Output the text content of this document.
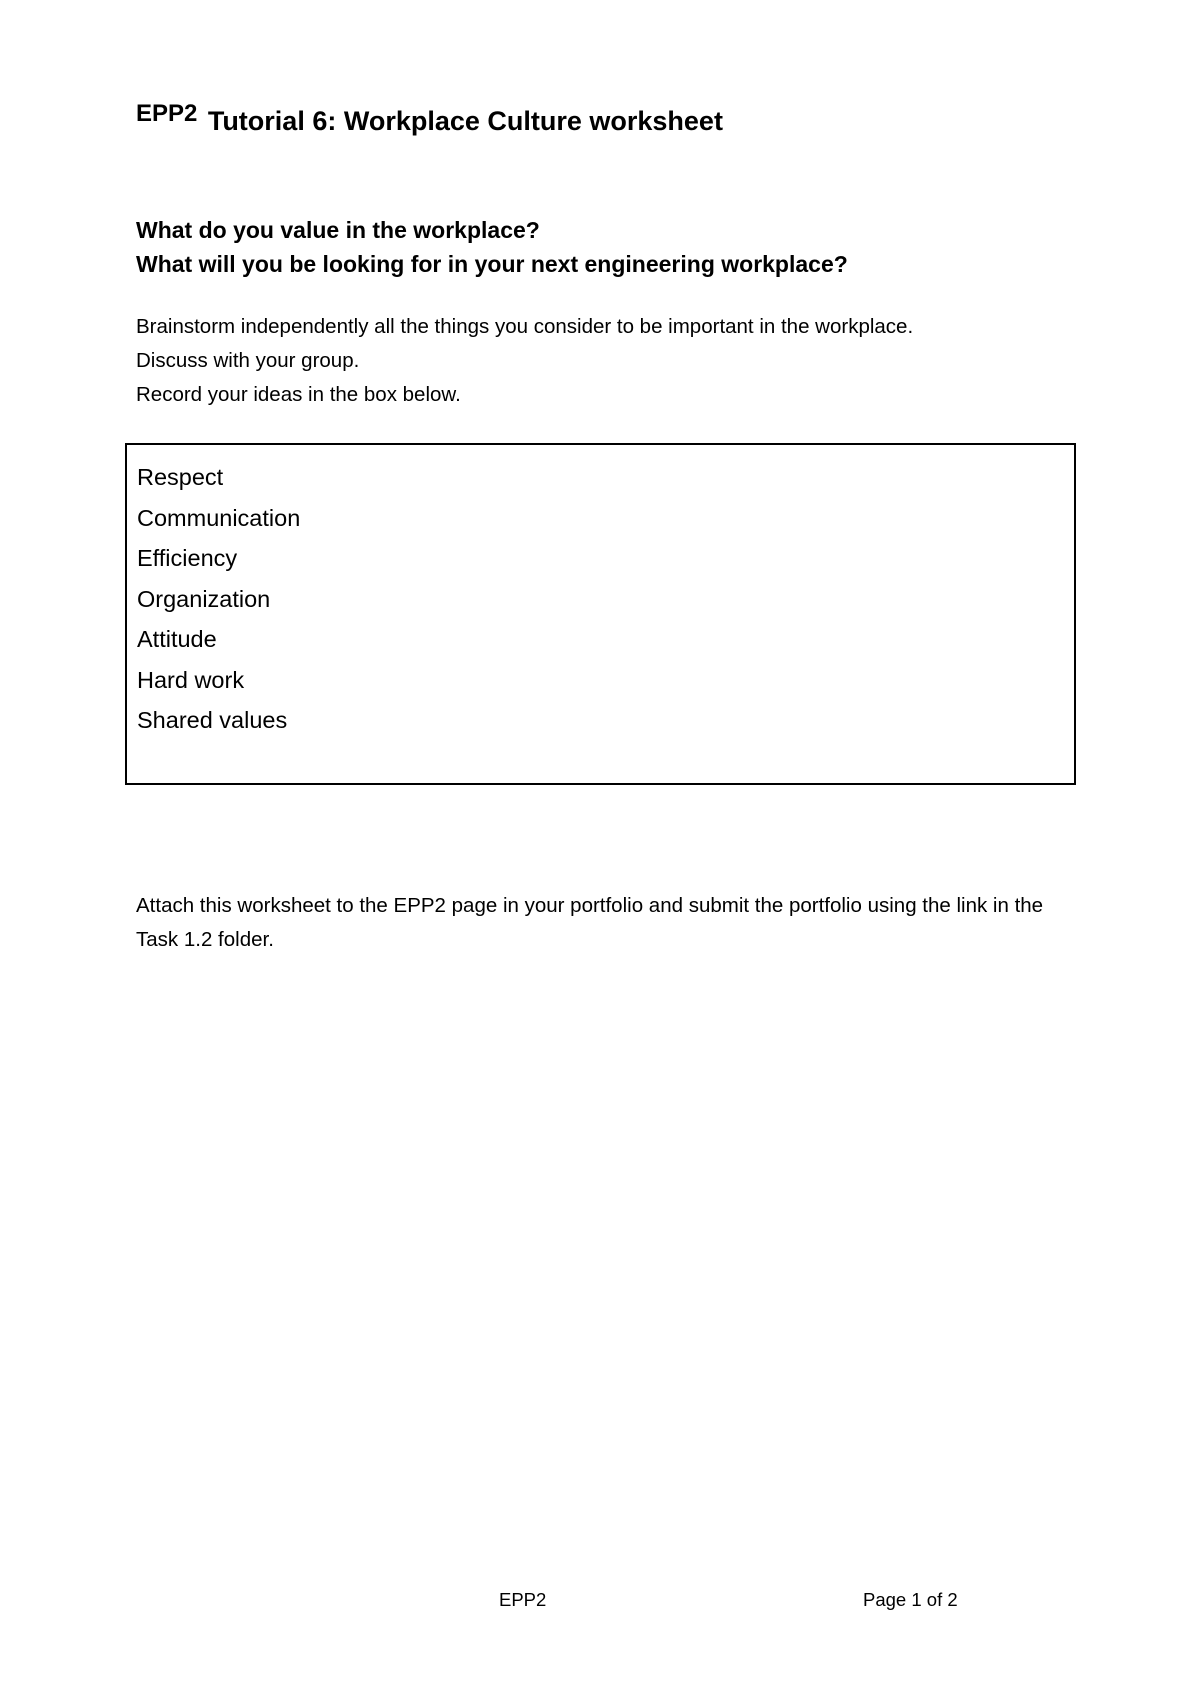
EPP2 Tutorial 6: Workplace Culture worksheet
What do you value in the workplace?
What will you be looking for in your next engineering workplace?
Brainstorm independently all the things you consider to be important in the workplace.
Discuss with your group.
Record your ideas in the box below.
Respect
Communication
Efficiency
Organization
Attitude
Hard work
Shared values
Attach this worksheet to the EPP2 page in your portfolio and submit the portfolio using the link in the Task 1.2 folder.
EPP2	Page 1 of 2
